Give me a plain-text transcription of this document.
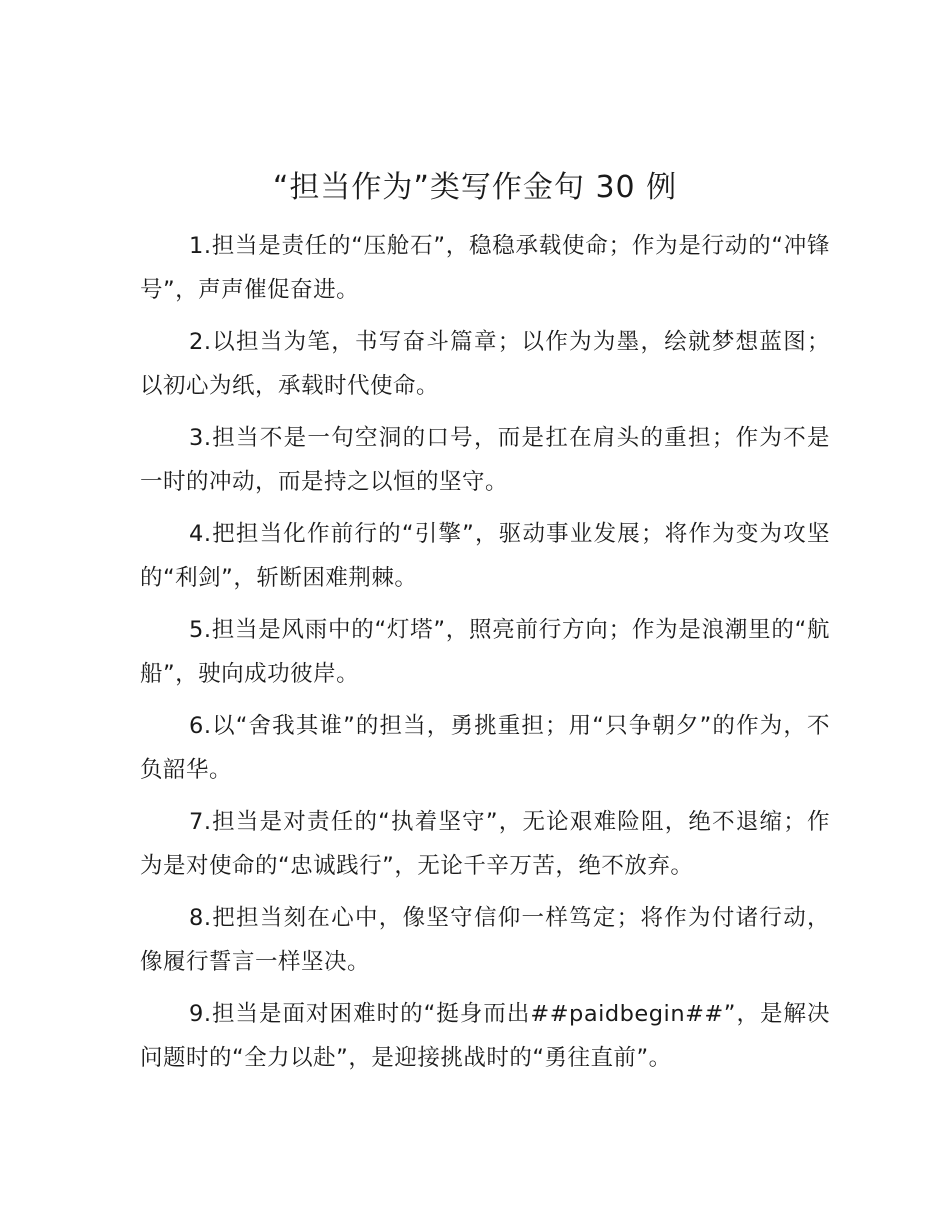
“担当作为”类写作金句 30 例

1.担当是责任的“压舱石”，稳稳承载使命；作为是行动的“冲锋号”，声声催促奋进。

2.以担当为笔，书写奋斗篇章；以作为为墨，绘就梦想蓝图；以初心为纸，承载时代使命。

3.担当不是一句空洞的口号，而是扛在肩头的重担；作为不是一时的冲动，而是持之以恒的坚守。

4.把担当化作前行的“引擎”，驱动事业发展；将作为变为攻坚的“利剑”，斩断困难荆棘。

5.担当是风雨中的“灯塔”，照亮前行方向；作为是浪潮里的“航船”，驶向成功彼岸。

6.以“舍我其谁”的担当，勇挑重担；用“只争朝夕”的作为，不负韶华。

7.担当是对责任的“执着坚守”，无论艰难险阻，绝不退缩；作为是对使命的“忠诚践行”，无论千辛万苦，绝不放弃。

8.把担当刻在心中，像坚守信仰一样笃定；将作为付诸行动，像履行誓言一样坚决。

9.担当是面对困难时的“挺身而出##paidbegin##”，是解决问题时的“全力以赴”，是迎接挑战时的“勇往直前”。
